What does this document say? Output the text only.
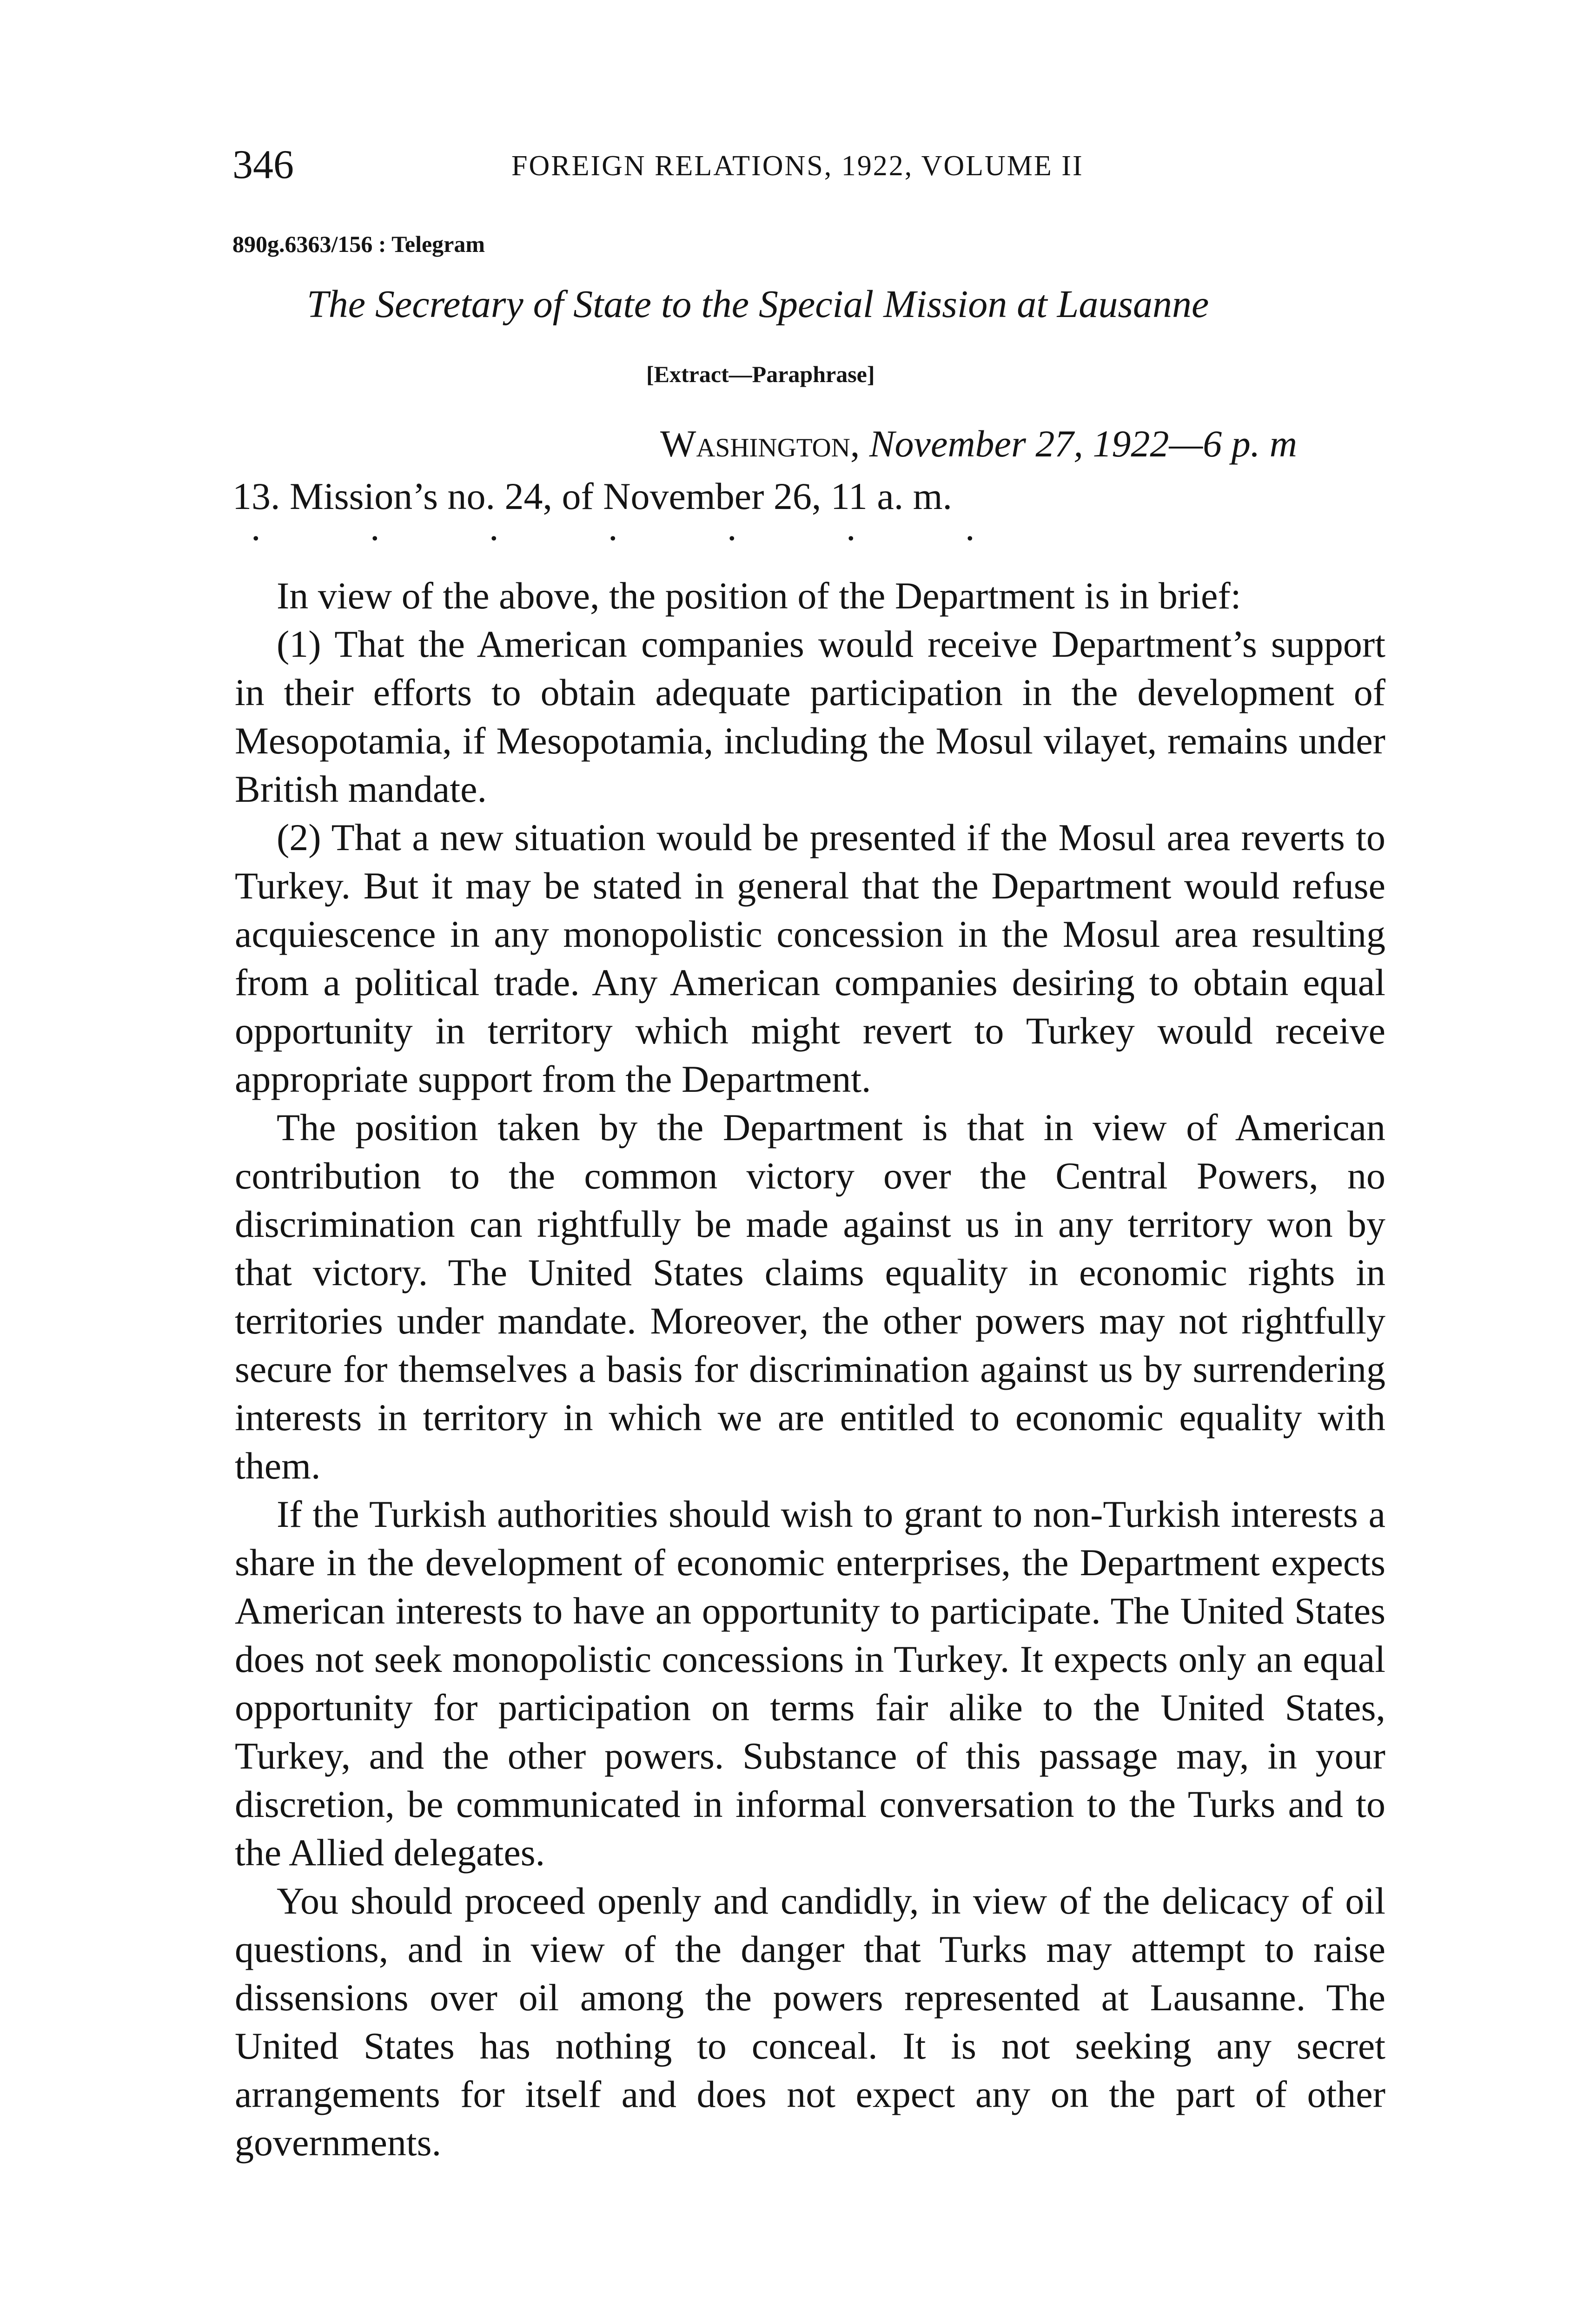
346	FOREIGN RELATIONS, 1922, VOLUME II
890g.6363/156 : Telegram
The Secretary of State to the Special Mission at Lausanne
[Extract—Paraphrase]
Washington, November 27, 1922—6 p. m
13. Mission’s no. 24, of November 26, 11 a. m.
. . . . . . .

In view of the above, the position of the Department is in brief:

(1) That the American companies would receive Department’s support in their efforts to obtain adequate participation in the development of Mesopotamia, if Mesopotamia, including the Mosul vilayet, remains under British mandate.

(2) That a new situation would be presented if the Mosul area reverts to Turkey. But it may be stated in general that the Department would refuse acquiescence in any monopolistic concession in the Mosul area resulting from a political trade. Any American companies desiring to obtain equal opportunity in territory which might revert to Turkey would receive appropriate support from the Department.

The position taken by the Department is that in view of American contribution to the common victory over the Central Powers, no discrimination can rightfully be made against us in any territory won by that victory. The United States claims equality in economic rights in territories under mandate. Moreover, the other powers may not rightfully secure for themselves a basis for discrimination against us by surrendering interests in territory in which we are entitled to economic equality with them.

If the Turkish authorities should wish to grant to non-Turkish interests a share in the development of economic enterprises, the Department expects American interests to have an opportunity to participate. The United States does not seek monopolistic concessions in Turkey. It expects only an equal opportunity for participation on terms fair alike to the United States, Turkey, and the other powers. Substance of this passage may, in your discretion, be communicated in informal conversation to the Turks and to the Allied delegates.

You should proceed openly and candidly, in view of the delicacy of oil questions, and in view of the danger that Turks may attempt to raise dissensions over oil among the powers represented at Lausanne. The United States has nothing to conceal. It is not seeking any secret arrangements for itself and does not expect any on the part of other governments.
